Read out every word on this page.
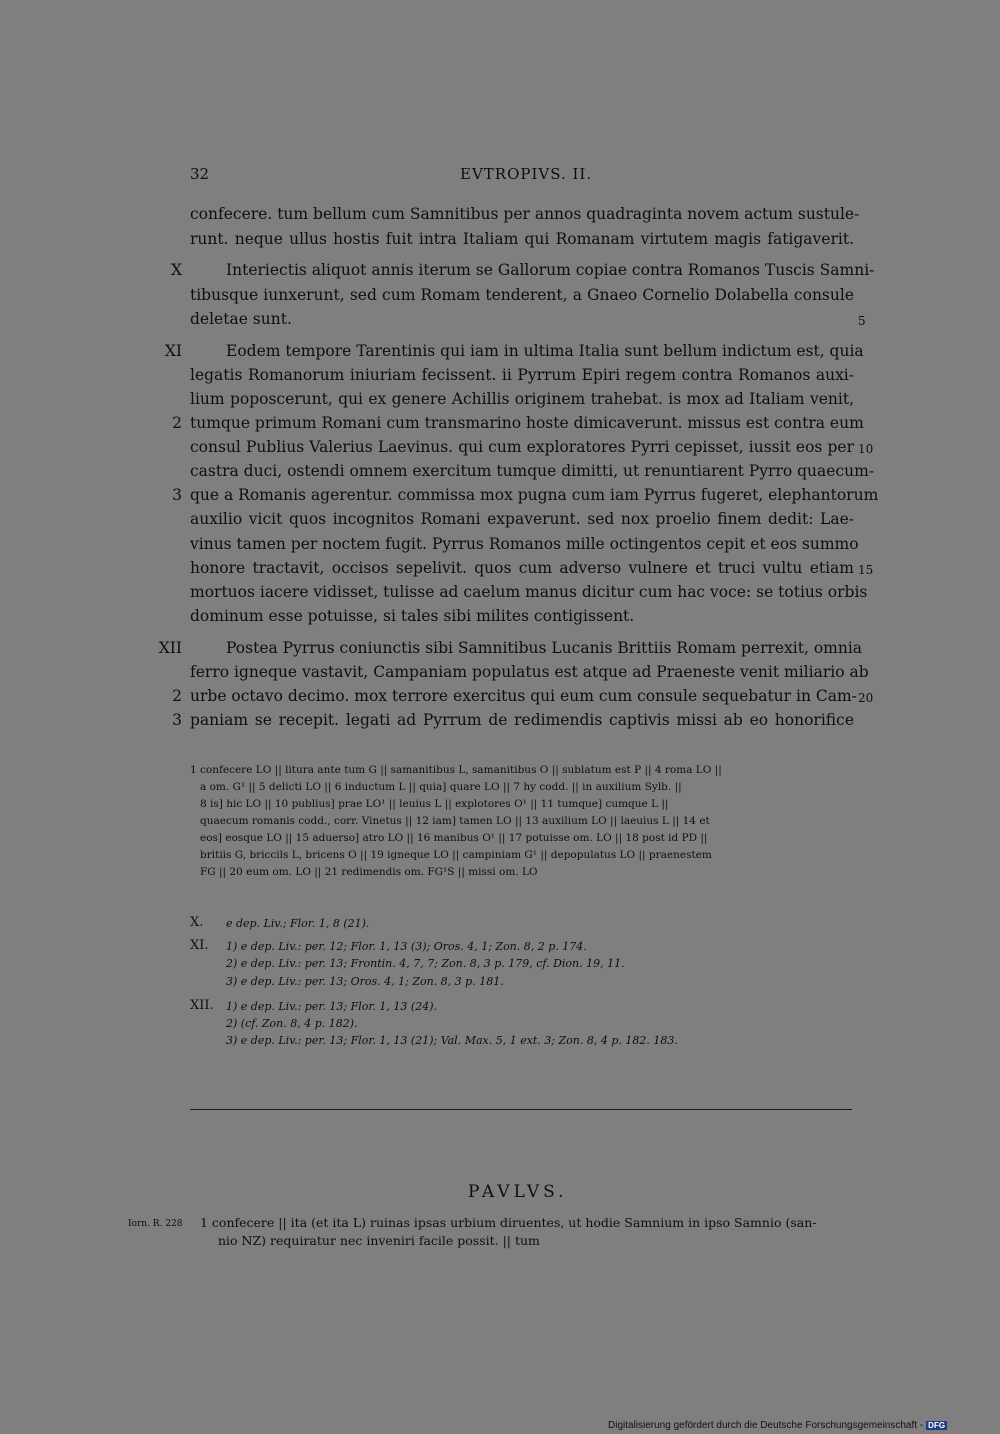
32	EVTROPIVS. II.
confecere. tum bellum cum Samnitibus per annos quadraginta novem actum sustule-
runt. neque ullus hostis fuit intra Italiam qui Romanam virtutem magis fatigaverit.
Interiectis aliquot annis iterum se Gallorum copiae contra Romanos Tuscis Samni-
tibusque iunxerunt, sed cum Romam tenderent, a Gnaeo Cornelio Dolabella consule
deletae sunt.
Eodem tempore Tarentinis qui iam in ultima Italia sunt bellum indictum est, quia
legatis Romanorum iniuriam fecissent. ii Pyrrum Epiri regem contra Romanos auxi-
lium poposcerunt, qui ex genere Achillis originem trahebat. is mox ad Italiam venit,
tumque primum Romani cum transmarino hoste dimicaverunt. missus est contra eum
consul Publius Valerius Laevinus. qui cum exploratores Pyrri cepisset, iussit eos per
castra duci, ostendi omnem exercitum tumque dimitti, ut renuntiarent Pyrro quaecum-
que a Romanis agerentur. commissa mox pugna cum iam Pyrrus fugeret, elephantorum
auxilio vicit quos incognitos Romani expaverunt. sed nox proelio finem dedit: Lae-
vinus tamen per noctem fugit. Pyrrus Romanos mille octingentos cepit et eos summo
honore tractavit, occisos sepelivit. quos cum adverso vulnere et truci vultu etiam
mortuos iacere vidisset, tulisse ad caelum manus dicitur cum hac voce: se totius orbis
dominum esse potuisse, si tales sibi milites contigissent.
Postea Pyrrus coniunctis sibi Samnitibus Lucanis Brittiis Romam perrexit, omnia
ferro igneque vastavit, Campaniam populatus est atque ad Praeneste venit miliario ab
urbe octavo decimo. mox terrore exercitus qui eum cum consule sequebatur in Cam-
paniam se recepit. legati ad Pyrrum de redimendis captivis missi ab eo honorifice
X
XI
2
3
XII
2
3
5
10
15
20
1 confecere LO || litura ante tum G || samanitibus L, samanitibus O || sublatum est P || 4 roma LO ||
a om. G¹ || 5 delicti LO || 6 inductum L || quia] quare LO || 7 hy codd. || in auxilium Sylb. ||
8 is] hic LO || 10 publius] prae LO¹ || leuius L || explotores O¹ || 11 tumque] cumque L ||
quaecum romanis codd., corr. Vinetus || 12 iam] tamen LO || 13 auxilium LO || laeuius L || 14 et
eos] eosque LO || 15 aduerso] atro LO || 16 manibus O¹ || 17 potuisse om. LO || 18 post id PD ||
britiis G, briccils L, bricens O || 19 igneque LO || campiniam G¹ || depopulatus LO || praenestem
FG || 20 eum om. LO || 21 redimendis om. FG¹S || missi om. LO
X. e dep. Liv.; Flor. 1, 8 (21).
XI. 1) e dep. Liv.: per. 12; Flor. 1, 13 (3); Oros. 4, 1; Zon. 8, 2 p. 174.
2) e dep. Liv.: per. 13; Frontin. 4, 7, 7; Zon. 8, 3 p. 179, cf. Dion. 19, 11.
3) e dep. Liv.: per. 13; Oros. 4, 1; Zon. 8, 3 p. 181.
XII. 1) e dep. Liv.: per. 13; Flor. 1, 13 (24).
2) (cf. Zon. 8, 4 p. 182).
3) e dep. Liv.: per. 13; Flor. 1, 13 (21); Val. Max. 5, 1 ext. 3; Zon. 8, 4 p. 182. 183.
PAVLVS.
Iorn. R. 228 1 confecere || ita (et ita L) ruinas ipsas urbium diruentes, ut hodie Samnium in ipso Samnio (san-
nio NZ) requiratur nec inveniri facile possit. || tum
Digitalisierung gefördert durch die Deutsche Forschungsgemeinschaft - DFG
